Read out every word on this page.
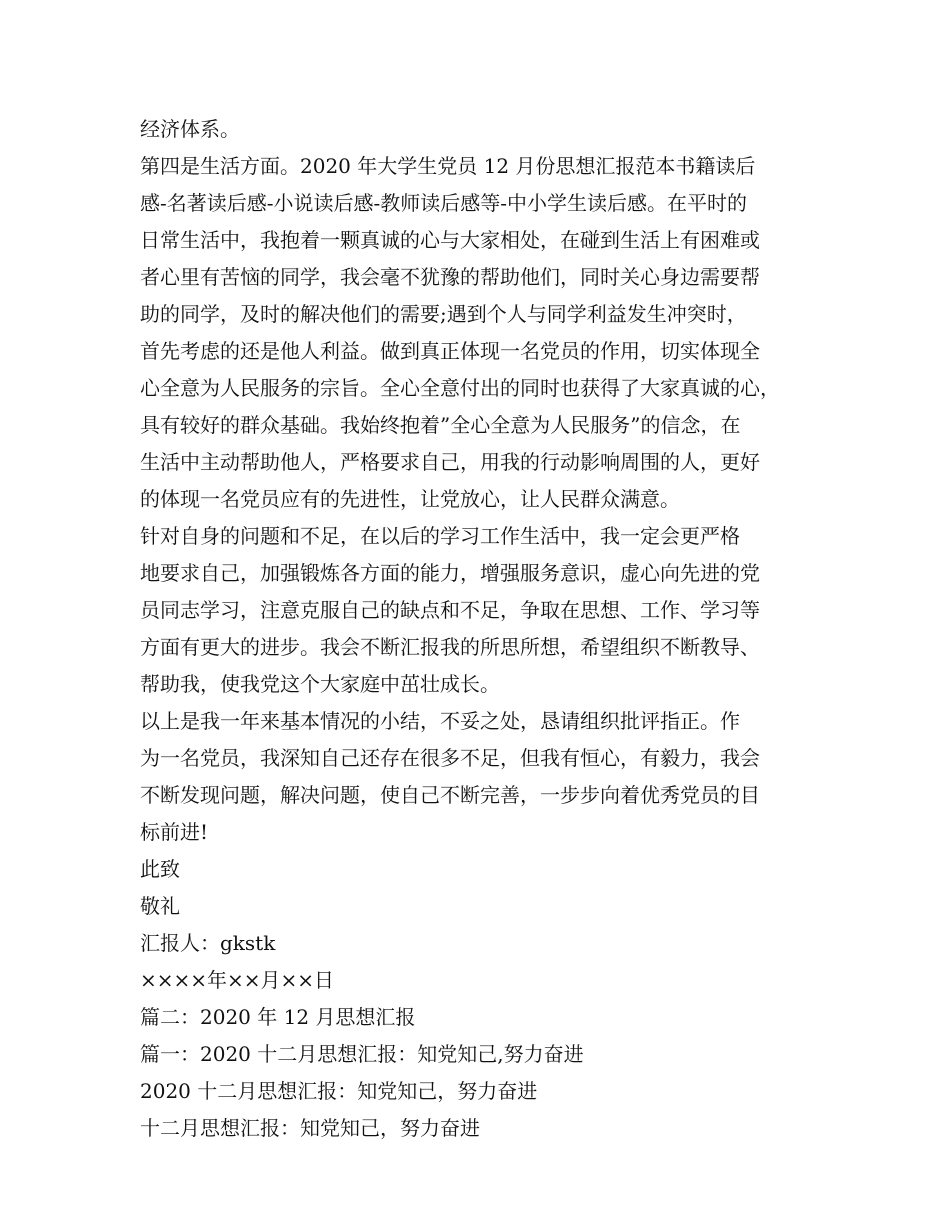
经济体系。
第四是生活方面。2020 年大学生党员 12 月份思想汇报范本书籍读后
感-名著读后感-小说读后感-教师读后感等-中小学生读后感。在平时的
日常生活中，我抱着一颗真诚的心与大家相处，在碰到生活上有困难或
者心里有苦恼的同学，我会毫不犹豫的帮助他们，同时关心身边需要帮
助的同学，及时的解决他们的需要;遇到个人与同学利益发生冲突时，
首先考虑的还是他人利益。做到真正体现一名党员的作用，切实体现全
心全意为人民服务的宗旨。全心全意付出的同时也获得了大家真诚的心，
具有较好的群众基础。我始终抱着”全心全意为人民服务”的信念，在
生活中主动帮助他人，严格要求自己，用我的行动影响周围的人，更好
的体现一名党员应有的先进性，让党放心，让人民群众满意。
针对自身的问题和不足，在以后的学习工作生活中，我一定会更严格
地要求自己，加强锻炼各方面的能力，增强服务意识，虚心向先进的党
员同志学习，注意克服自己的缺点和不足，争取在思想、工作、学习等
方面有更大的进步。我会不断汇报我的所思所想，希望组织不断教导、
帮助我，使我党这个大家庭中茁壮成长。
以上是我一年来基本情况的小结，不妥之处，恳请组织批评指正。作
为一名党员，我深知自己还存在很多不足，但我有恒心，有毅力，我会
不断发现问题，解决问题，使自己不断完善，一步步向着优秀党员的目
标前进!
此致
敬礼
汇报人：gkstk
××××年××月××日
篇二：2020 年 12 月思想汇报
篇一：2020 十二月思想汇报：知党知己,努力奋进
2020 十二月思想汇报：知党知己，努力奋进
十二月思想汇报：知党知己，努力奋进
